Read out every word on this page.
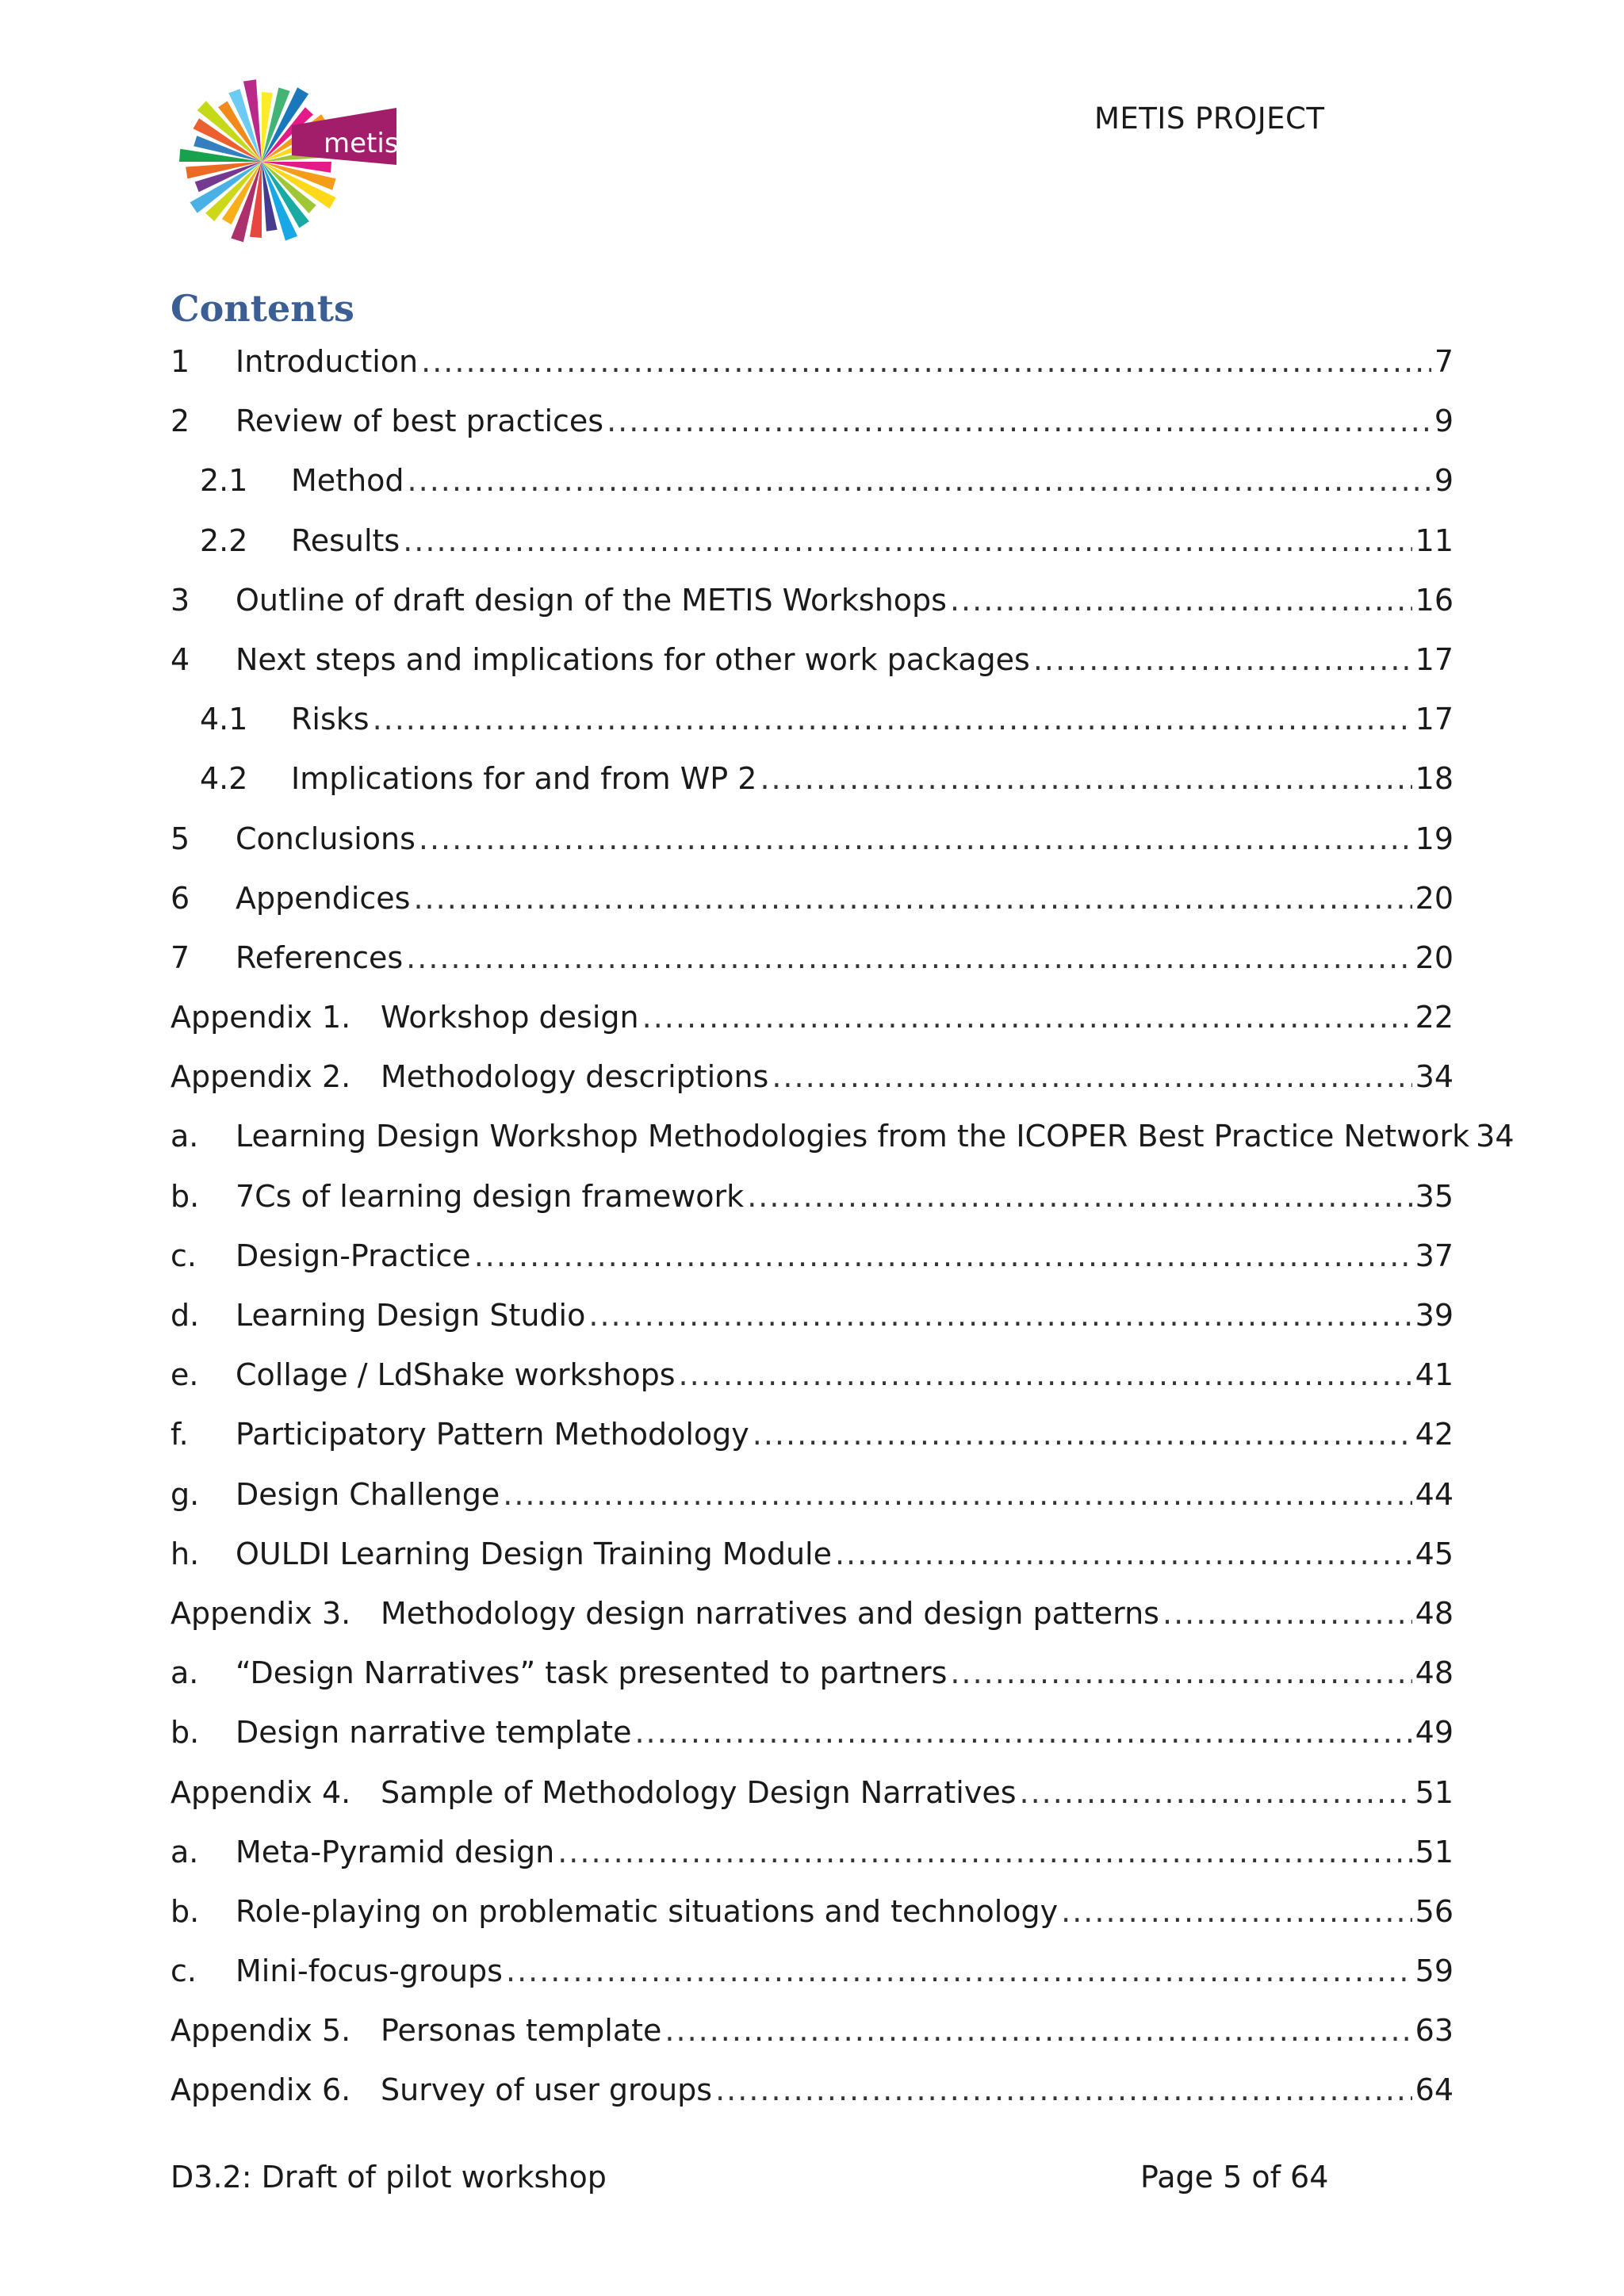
metis
METIS PROJECT
Contents
1	Introduction .....	7
2	Review of best practices .....	9
2.1	Method .....	9
2.2	Results .....	11
3	Outline of draft design of the METIS Workshops .....	16
4	Next steps and implications for other work packages .....	17
4.1	Risks .....	17
4.2	Implications for and from WP 2 .....	18
5	Conclusions .....	19
6	Appendices .....	20
7	References .....	20
Appendix 1. Workshop design .....	22
Appendix 2. Methodology descriptions .....	34
a.	Learning Design Workshop Methodologies from the ICOPER Best Practice Network 34
b.	7Cs of learning design framework .....	35
c.	Design-Practice .....	37
d.	Learning Design Studio .....	39
e.	Collage / LdShake workshops .....	41
f.	Participatory Pattern Methodology .....	42
g.	Design Challenge .....	44
h.	OULDI Learning Design Training Module .....	45
Appendix 3. Methodology design narratives and design patterns .....	48
a.	“Design Narratives” task presented to partners .....	48
b.	Design narrative template .....	49
Appendix 4. Sample of Methodology Design Narratives .....	51
a.	Meta-Pyramid design .....	51
b.	Role-playing on problematic situations and technology .....	56
c.	Mini-focus-groups .....	59
Appendix 5. Personas template .....	63
Appendix 6. Survey of user groups .....	64
D3.2: Draft of pilot workshop	Page 5 of 64
